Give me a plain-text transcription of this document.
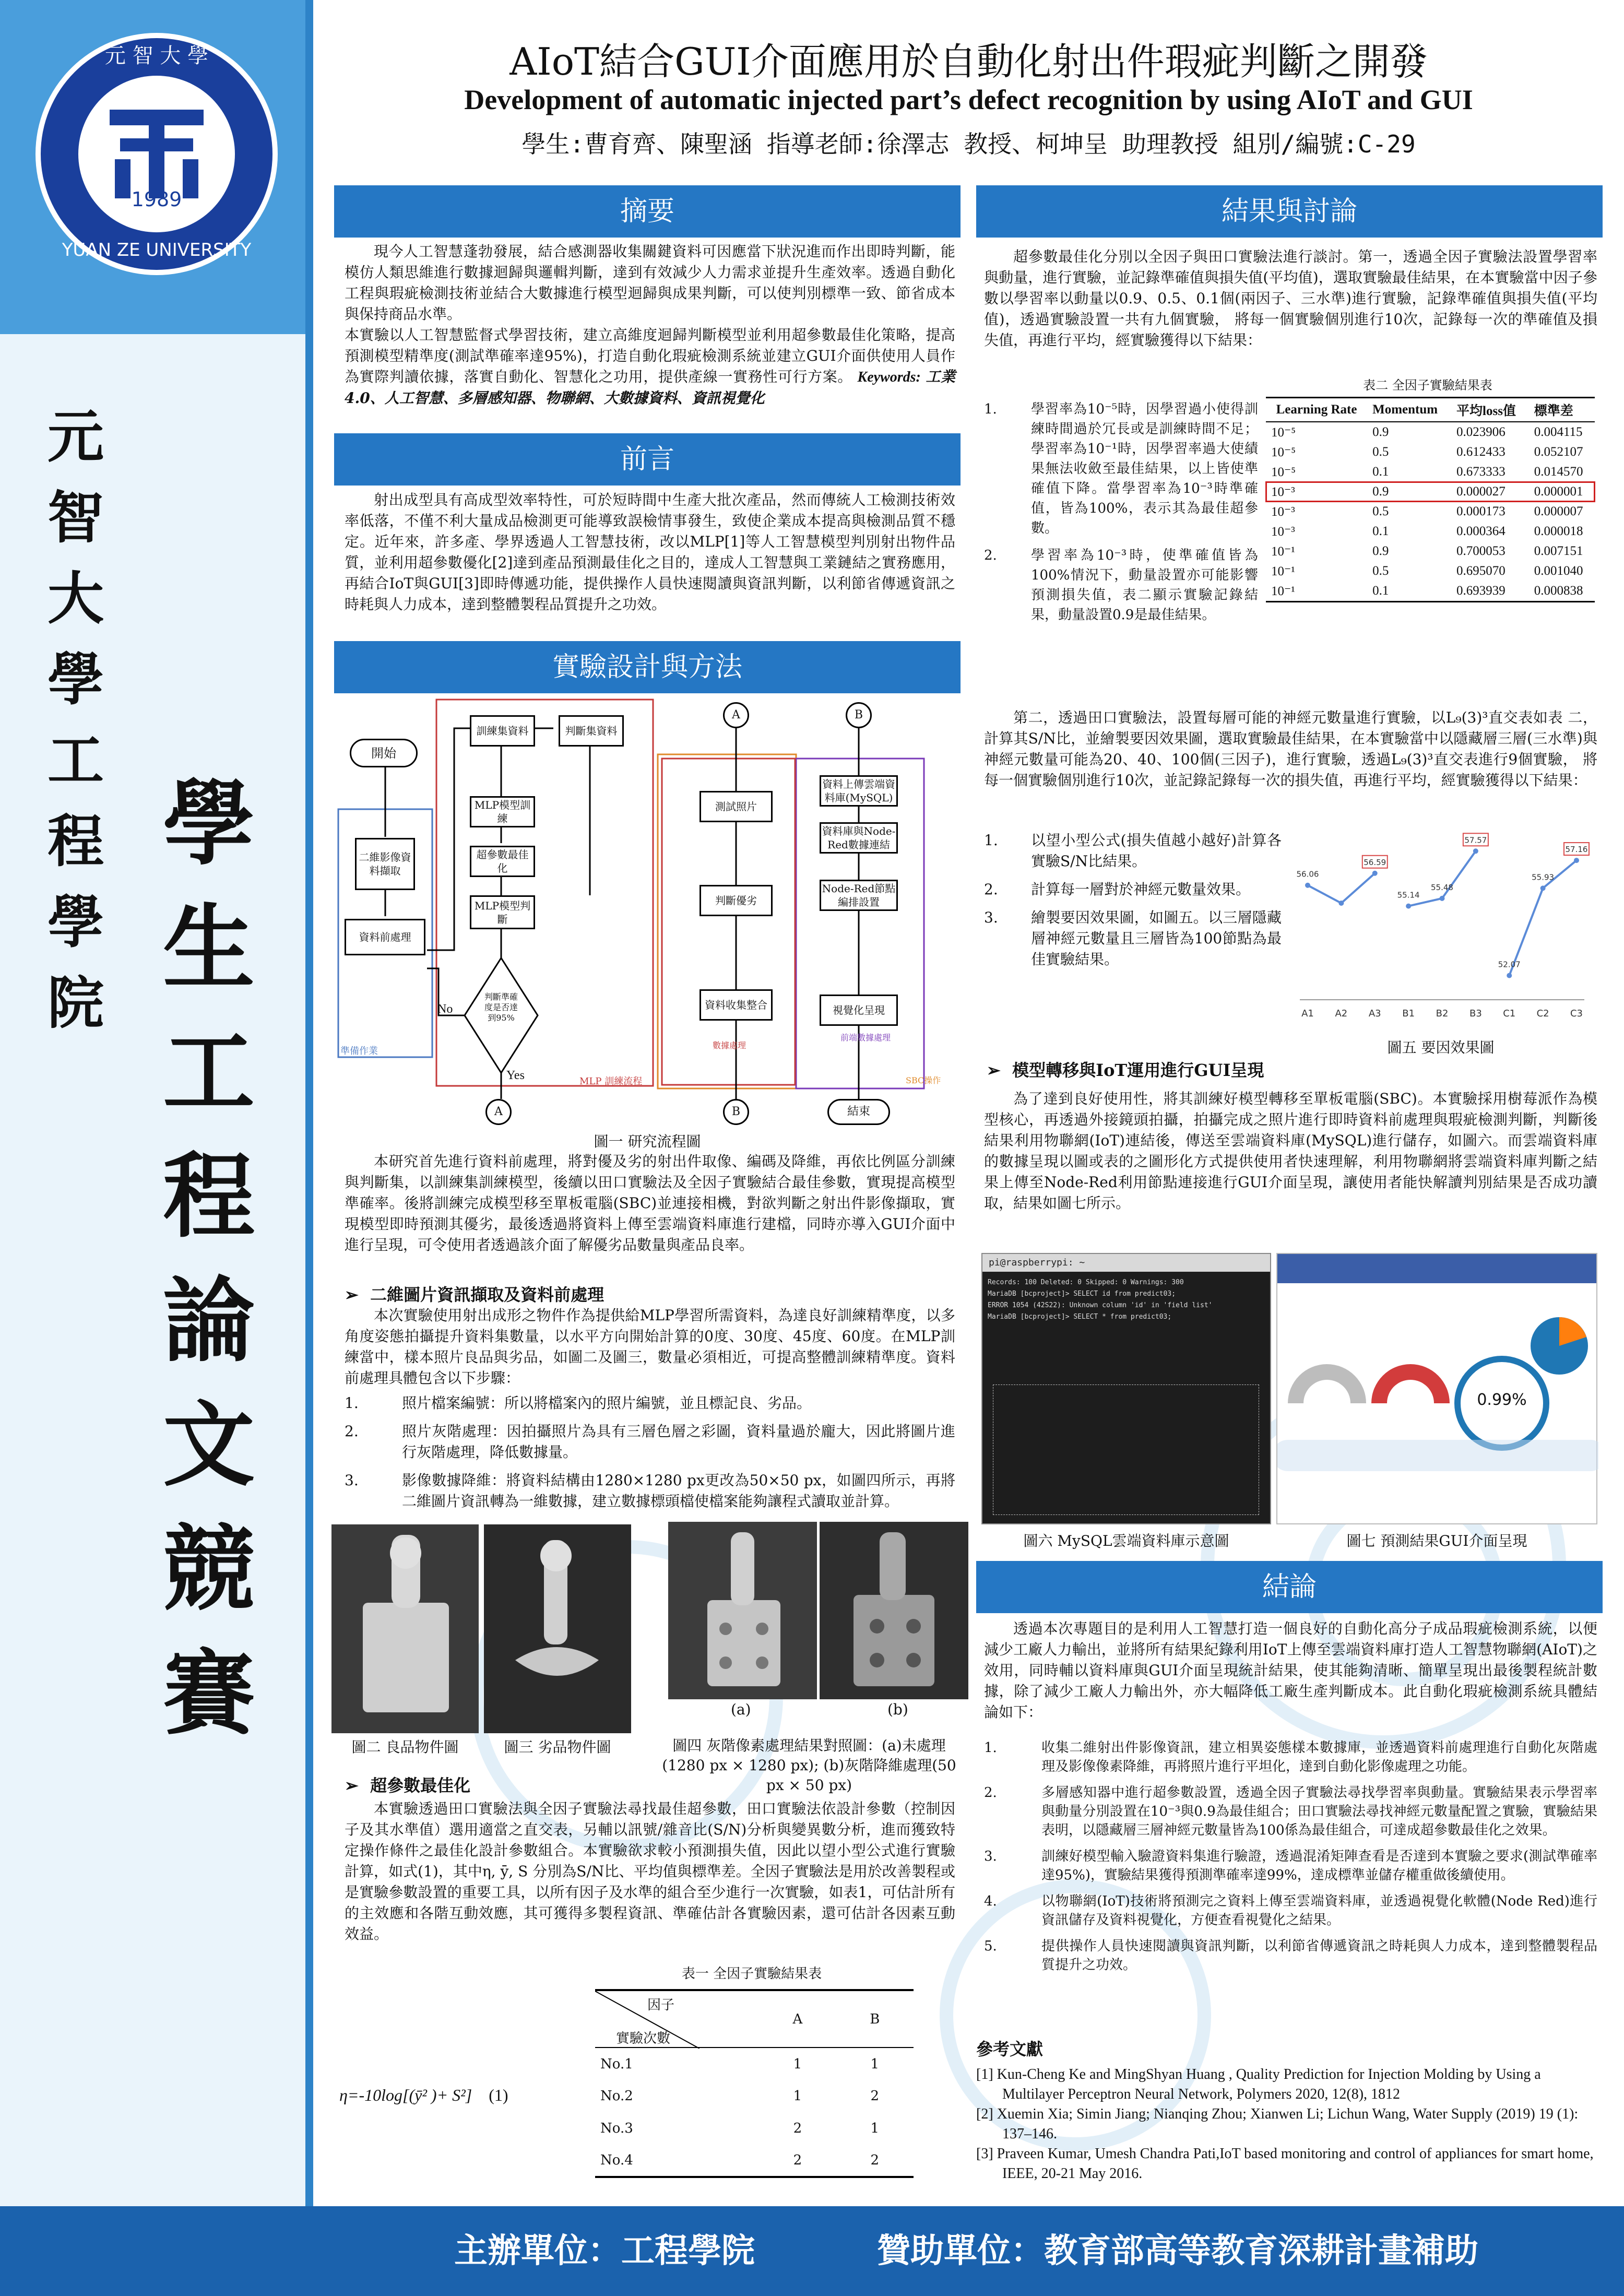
1989
元 智 大 學
YUAN ZE UNIVERSITY
元
智
大
學
工
程
學
院
學
生
工
程
論
文
競
賽
AIoT結合GUI介面應用於自動化射出件瑕疵判斷之開發
Development of automatic injected part’s defect recognition by using AIoT and GUI
學生:曹育齊、陳聖涵 指導老師:徐澤志 教授、柯坤呈 助理教授 組別/編號:C-29
摘要

現今人工智慧蓬勃發展，結合感測器收集關鍵資料可因應當下狀況進而作出即時判斷，能模仿人類思維進行數據迴歸與邏輯判斷，達到有效減少人力需求並提升生產效率。透過自動化工程與瑕疵檢測技術並結合大數據進行模型迴歸與成果判斷，可以使判別標準一致、節省成本與保持商品水準。

本實驗以人工智慧監督式學習技術，建立高維度迴歸判斷模型並利用超參數最佳化策略，提高預測模型精準度(測試準確率達95%)，打造自動化瑕疵檢測系統並建立GUI介面供使用人員作為實際判讀依據，落實自動化、智慧化之功用，提供產線一實務性可行方案。 Keywords: 工業4.0、人工智慧、多層感知器、物聯網、大數據資料、資訊視覺化
前言

射出成型具有高成型效率特性，可於短時間中生產大批次產品，然而傳統人工檢測技術效率低落，不僅不利大量成品檢測更可能導致誤檢情事發生，致使企業成本提高與檢測品質不穩定。近年來，許多產、學界透過人工智慧技術，改以MLP[1]等人工智慧模型判別射出物件品質，並利用超參數優化[2]達到產品預測最佳化之目的，達成人工智慧與工業鏈結之實務應用，再結合IoT與GUI[3]即時傳遞功能，提供操作人員快速閱讀與資訊判斷，以利節省傳遞資訊之時耗與人力成本，達到整體製程品質提升之功效。

實驗設計與方法
開始
二維影像資料擷取
資料前處理
訓練集資料	判斷集資料
MLP模型訓練
超參數最佳化
MLP模型判斷
判斷準確度是否達到95%
No
Yes
準備作業
MLP 訓練流程
A
A	B
測試照片
判斷優劣
資料收集整合
數據處理
資料上傳雲端資料庫(MySQL)
資料庫與Node-Red數據連結
Node-Red節點編排設置
視覺化呈現
前端數據處理
SBC操作
B	結束
圖一 研究流程圖

本研究首先進行資料前處理，將對優及劣的射出件取像、編碼及降維，再依比例區分訓練與判斷集，以訓練集訓練模型，後續以田口實驗法及全因子實驗結合最佳參數，實現提高模型準確率。後將訓練完成模型移至單板電腦(SBC)並連接相機，對欲判斷之射出件影像擷取，實現模型即時預測其優劣，最後透過將資料上傳至雲端資料庫進行建檔，同時亦導入GUI介面中進行呈現，可令使用者透過該介面了解優劣品數量與產品良率。

➢  二維圖片資訊擷取及資料前處理

本次實驗使用射出成形之物件作為提供給MLP學習所需資料，為達良好訓練精準度，以多角度姿態拍攝提升資料集數量，以水平方向開始計算的0度、30度、45度、60度。在MLP訓練當中，樣本照片良品與劣品，如圖二及圖三，數量必須相近，可提高整體訓練精準度。資料前處理具體包含以下步驟：

1.	照片檔案編號：所以將檔案內的照片編號，並且標記良、劣品。
2.	照片灰階處理：因拍攝照片為具有三層色層之彩圖，資料量過於龐大，因此將圖片進行灰階處理，降低數據量。
3.	影像數據降維：將資料結構由1280×1280 px更改為50×50 px，如圖四所示，再將二維圖片資訊轉為一維數據，建立數據標頭檔使檔案能夠讓程式讀取並計算。
(a)	(b)
圖二 良品物件圖	圖三 劣品物件圖	圖四 灰階像素處理結果對照圖：(a)未處理(1280 px × 1280 px); (b)灰階降維處理(50 px × 50 px)
➢  超參數最佳化

本實驗透過田口實驗法與全因子實驗法尋找最佳超參數，田口實驗法依設計參數（控制因子及其水準值）選用適當之直交表，另輔以訊號/雜音比(S/N)分析與變異數分析，進而獲致特定操作條件之最佳化設計參數組合。本實驗欲求較小預測損失值，因此以望小型公式進行實驗計算，如式(1)，其中η, ȳ, S 分別為S/N比、平均值與標準差。全因子實驗法是用於改善製程或是實驗參數設置的重要工具，以所有因子及水準的組合至少進行一次實驗，如表1，可估計所有的主效應和各階互動效應，其可獲得多製程資訊、準確估計各實驗因素，還可估計各因素互動效益。

表一 全因子實驗結果表
因子
實驗次數	A	B
No.1	1	1
No.2	1	2
No.3	2	1
No.4	2	2
η=-10log[(ȳ² )+ S²] (1)
結果與討論

超參數最佳化分別以全因子與田口實驗法進行談討。第一，透過全因子實驗法設置學習率與動量，進行實驗，並記錄準確值與損失值(平均值)，選取實驗最佳結果，在本實驗當中因子參數以學習率以動量以0.9、0.5、0.1個(兩因子、三水準)進行實驗，記錄準確值與損失值(平均值)，透過實驗設置一共有九個實驗， 將每一個實驗個別進行10次，記錄每一次的準確值及損失值，再進行平均，經實驗獲得以下結果：

表二 全因子實驗結果表
Learning Rate	Momentum	平均loss值	標準差
10⁻⁵	0.9	0.023906	0.004115
10⁻⁵	0.5	0.612433	0.052107
10⁻⁵	0.1	0.673333	0.014570
10⁻³	0.9	0.000027	0.000001
10⁻³	0.5	0.000173	0.000007
10⁻³	0.1	0.000364	0.000018
10⁻¹	0.9	0.700053	0.007151
10⁻¹	0.5	0.695070	0.001040
10⁻¹	0.1	0.693939	0.000838
1.	學習率為10⁻⁵時，因學習過小使得訓練時間過於冗長或是訓練時間不足；學習率為10⁻¹時，因學習率過大使績果無法收斂至最佳結果，以上皆使準確值下降。當學習率為10⁻³時準確值，皆為100%，表示其為最佳超參數。
2.	學習率為10⁻³時，使準確值皆為100%情況下，動量設置亦可能影響預測損失值，表二顯示實驗記錄結果，動量設置0.9是最佳結果。

第二，透過田口實驗法，設置每層可能的神經元數量進行實驗，以L₉(3)³直交表如表 二，計算其S/N比，並繪製要因效果圖，選取實驗最佳結果，在本實驗當中以隱藏層三層(三水準)與神經元數量可能為20、40、100個(三因子)，進行實驗，透過L₉(3)³直交表進行9個實驗， 將每一個實驗個別進行10次，並記錄記錄每一次的損失值，再進行平均，經實驗獲得以下結果：

1. 以望小型公式(損失值越小越好)計算各實驗S/N比結果。
2. 計算每一層對於神經元數量效果。
3. 繪製要因效果圖，如圖五。以三層隱藏層神經元數量且三層皆為100節點為最佳實驗結果。
56.06
A1 A2
56.59
A3
55.14
B1
55.48
B2
57.57
B3
52.07
C1
55.93
C2
57.16
C3
圖五 要因效果圖
➢  模型轉移與IoT運用進行GUI呈現

為了達到良好使用性，將其訓練好模型轉移至單板電腦(SBC)。本實驗採用樹莓派作為模型核心，再透過外接鏡頭拍攝，拍攝完成之照片進行即時資料前處理與瑕疵檢測判斷，判斷後結果利用物聯網(IoT)連結後，傳送至雲端資料庫(MySQL)進行儲存，如圖六。而雲端資料庫的數據呈現以圖或表的之圖形化方式提供使用者快速理解，利用物聯網將雲端資料庫判斷之結果上傳至Node-Red利用節點連接進行GUI介面呈現，讓使用者能快解讀判別結果是否成功讀取，結果如圖七所示。

pi@raspberrypi: ~
Records: 100 Deleted: 0 Skipped: 0 Warnings: 300
MariaDB [bcproject]> SELECT id from predict03;
ERROR 1054 (42S22): Unknown column 'id' in 'field list'
MariaDB [bcproject]> SELECT * from predict03;
圖六 MySQL雲端資料庫示意圖
0.99%
圖七 預測結果GUI介面呈現
結論

透過本次專題目的是利用人工智慧打造一個良好的自動化高分子成品瑕疵檢測系統，以便減少工廠人力輸出，並將所有結果紀錄利用IoT上傳至雲端資料庫打造人工智慧物聯網(AIoT)之效用，同時輔以資料庫與GUI介面呈現統計結果，使其能夠清晰、簡單呈現出最後製程統計數據，除了減少工廠人力輸出外，亦大幅降低工廠生產判斷成本。此自動化瑕疵檢測系統具體結論如下：

1.	收集二維射出件影像資訊，建立相異姿態樣本數據庫，並透過資料前處理進行自動化灰階處理及影像像素降維，再將照片進行平坦化，達到自動化影像處理之功能。
2.	多層感知器中進行超參數設置，透過全因子實驗法尋找學習率與動量。實驗結果表示學習率與動量分別設置在10⁻³與0.9為最佳組合；田口實驗法尋找神經元數量配置之實驗，實驗結果表明，以隱藏層三層神經元數量皆為100係為最佳組合，可達成超參數最佳化之效果。
3.	訓練好模型輸入驗證資料集進行驗證，透過混淆矩陣查看是否達到本實驗之要求(測試準確率達95%)，實驗結果獲得預測準確率達99%，達成標準並儲存權重做後續使用。
4.	以物聯網(IoT)技術將預測完之資料上傳至雲端資料庫，並透過視覺化軟體(Node Red)進行資訊儲存及資料視覺化，方便查看視覺化之結果。
5.	提供操作人員快速閱讀與資訊判斷，以利節省傳遞資訊之時耗與人力成本，達到整體製程品質提升之功效。
參考文獻
[1] Kun-Cheng Ke and MingShyan Huang , Quality Prediction for Injection Molding by Using a Multilayer Perceptron Neural Network, Polymers 2020, 12(8), 1812
[2] Xuemin Xia; Simin Jiang; Nianqing Zhou; Xianwen Li; Lichun Wang, Water Supply (2019) 19 (1): 137–146.
[3] Praveen Kumar, Umesh Chandra Pati,IoT based monitoring and control of appliances for smart home, IEEE, 20-21 May 2016.
主辦單位：工程學院	贊助單位：教育部高等教育深耕計畫補助
